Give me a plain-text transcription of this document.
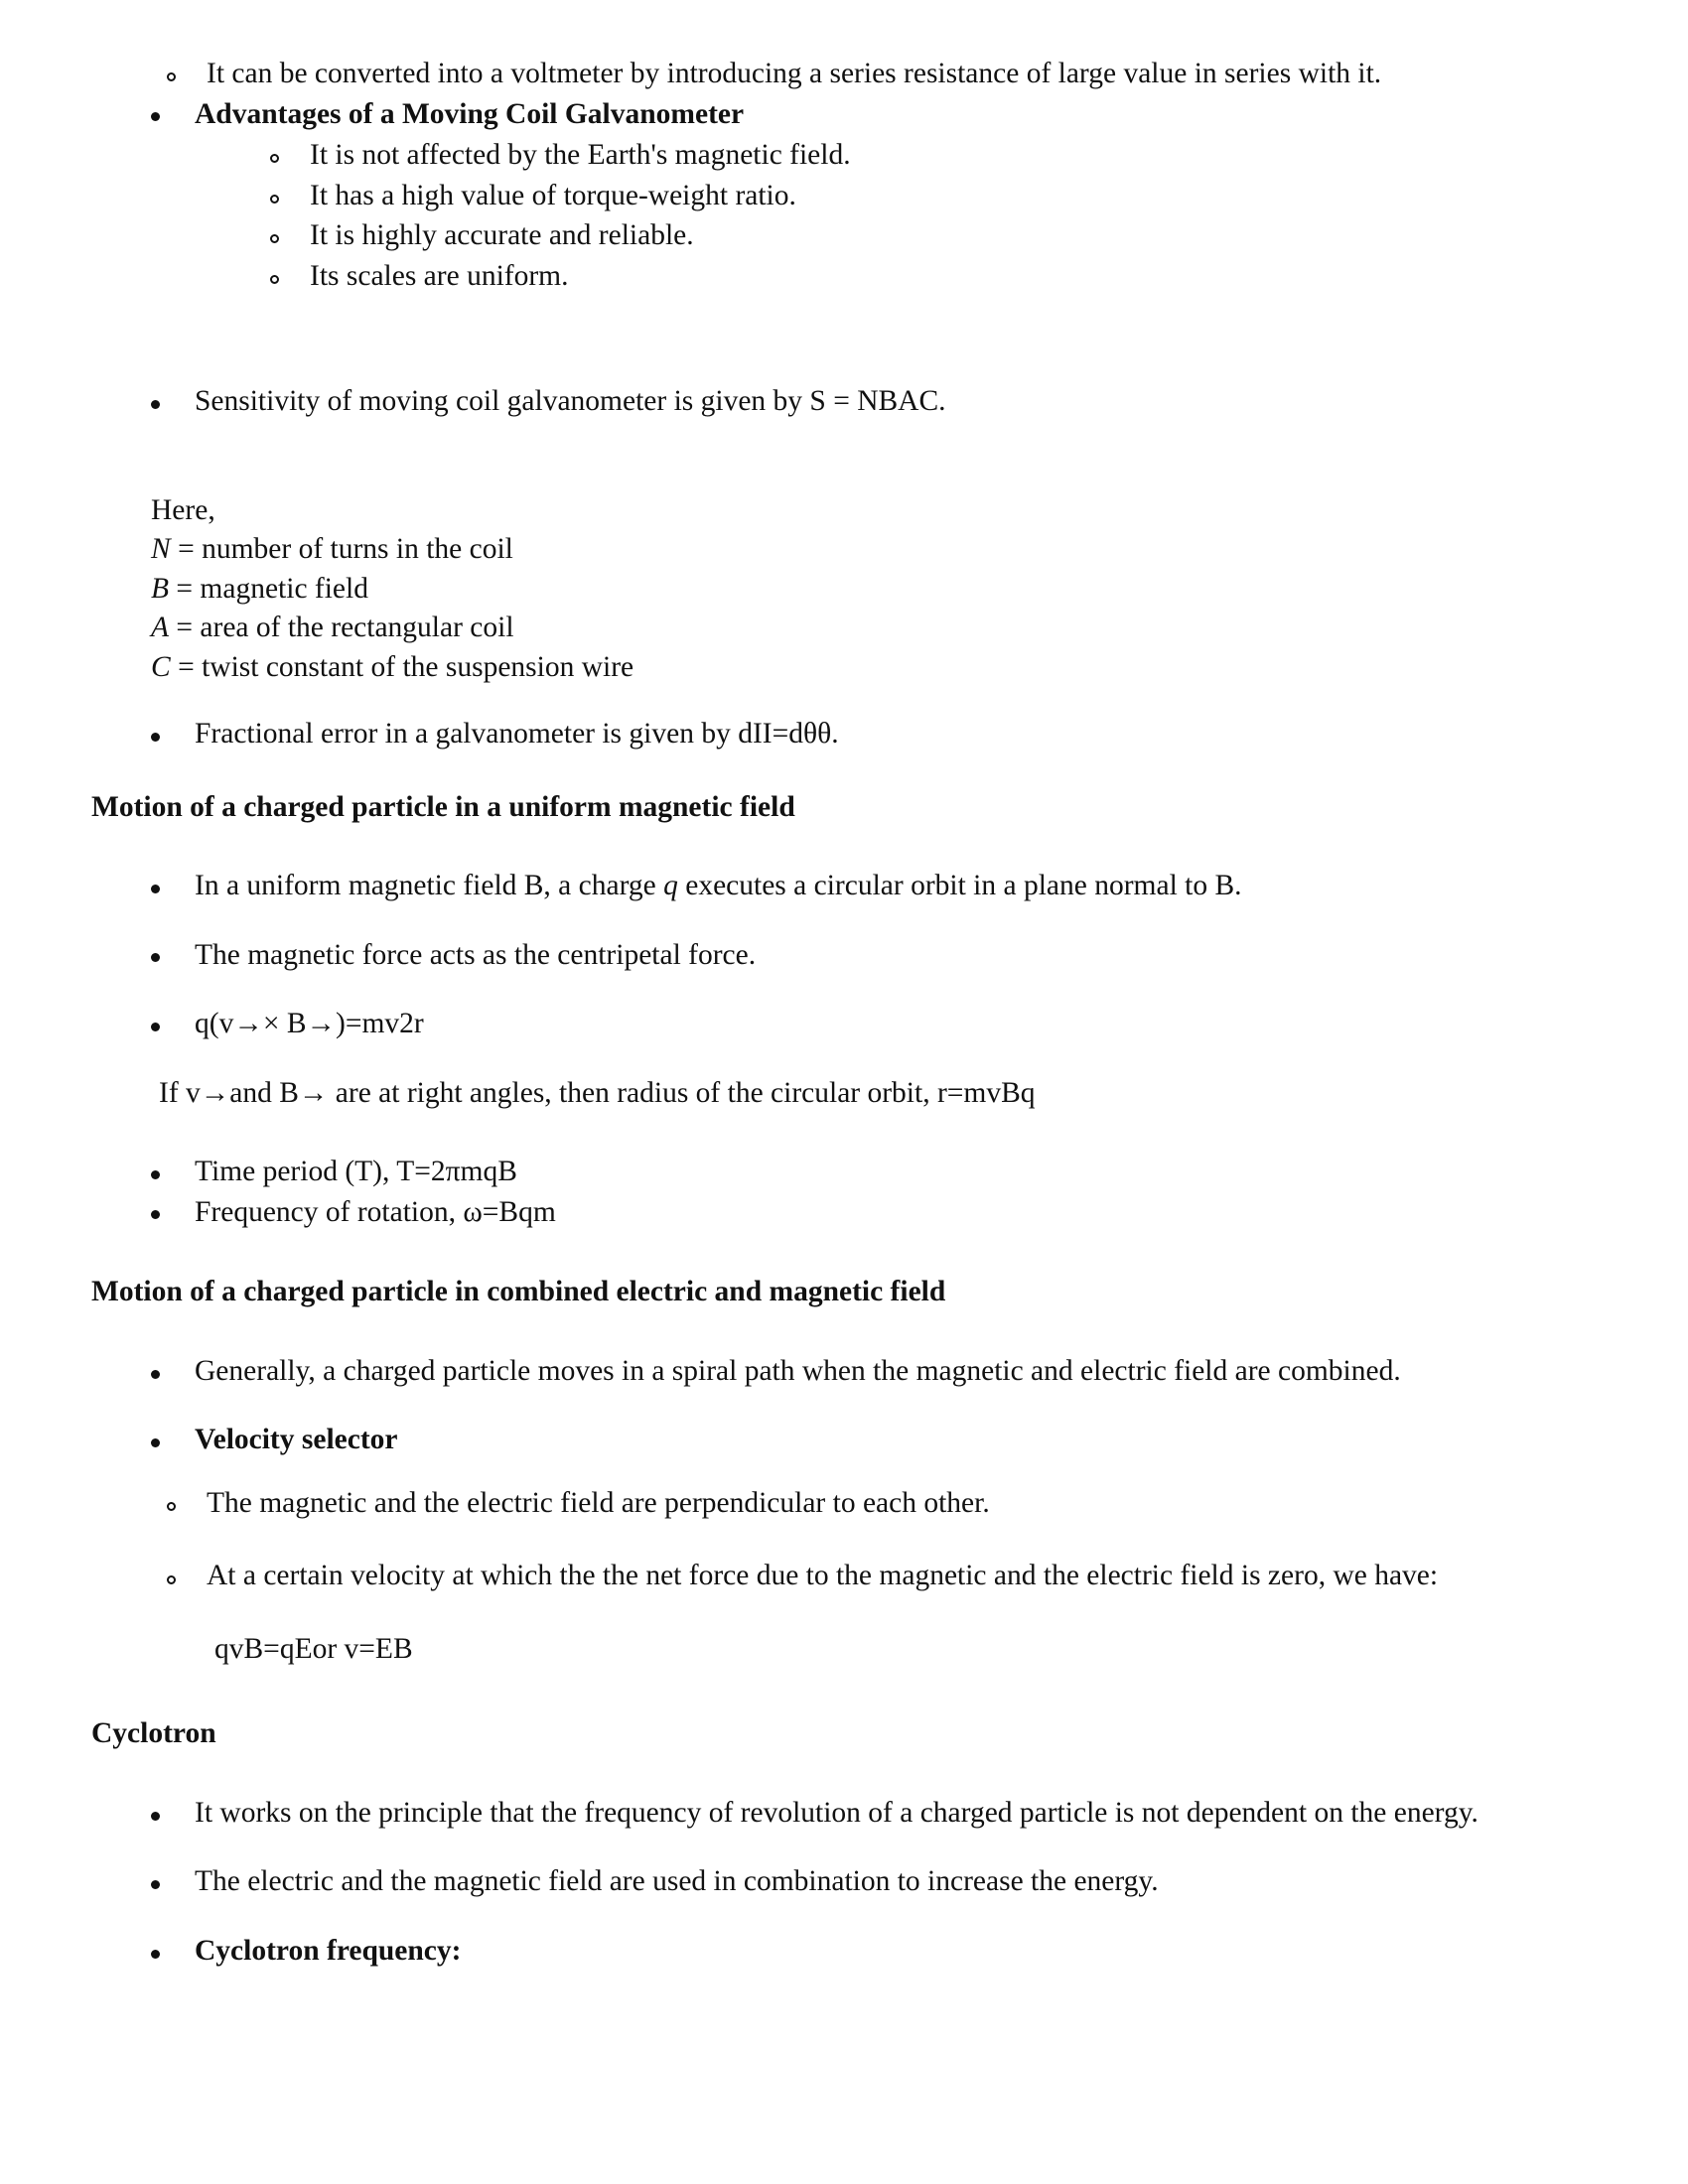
It can be converted into a voltmeter by introducing a series resistance of large value in series with it.
Advantages of a Moving Coil Galvanometer
It is not affected by the Earth's magnetic field.
It has a high value of torque-weight ratio.
It is highly accurate and reliable.
Its scales are uniform.
Sensitivity of moving coil galvanometer is given by S = NBAC.

Here,

N = number of turns in the coil

B = magnetic field

A = area of the rectangular coil

C = twist constant of the suspension wire

Fractional error in a galvanometer is given by dII=dθθ.

Motion of a charged particle in a uniform magnetic field

In a uniform magnetic field B, a charge q executes a circular orbit in a plane normal to B.
The magnetic force acts as the centripetal force.
q(v→× B→)=mv2r

If v→and B→ are at right angles, then radius of the circular orbit, r=mvBq

Time period (T), T=2πmqB
Frequency of rotation, ω=Bqm

Motion of a charged particle in combined electric and magnetic field

Generally, a charged particle moves in a spiral path when the magnetic and electric field are combined.
Velocity selector
The magnetic and the electric field are perpendicular to each other.
At a certain velocity at which the the net force due to the magnetic and the electric field is zero, we have:

qvB=qEor v=EB

Cyclotron

It works on the principle that the frequency of revolution of a charged particle is not dependent on the energy.
The electric and the magnetic field are used in combination to increase the energy.
Cyclotron frequency:
